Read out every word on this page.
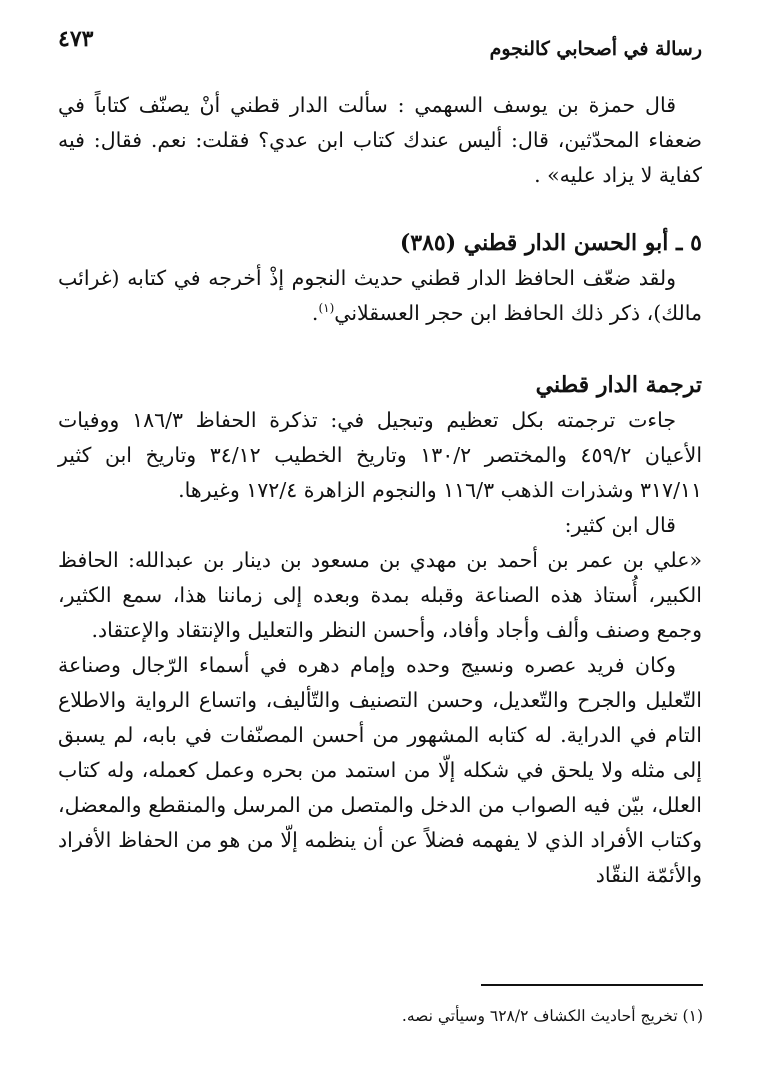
رسالة في أصحابي كالنجوم
٤٧٣

قال حمزة بن يوسف السهمي : سألت الدار قطني أنْ يصنّف كتاباً في ضعفاء المحدّثين، قال: أليس عندك كتاب ابن عدي؟ فقلت: نعم. فقال: فيه كفاية لا يزاد عليه» .

٥ ـ أبو الحسن الدار قطني (٣٨٥)

ولقد ضعّف الحافظ الدار قطني حديث النجوم إذْ أخرجه في كتابه (غرائب مالك)، ذكر ذلك الحافظ ابن حجر العسقلاني$^{(١)}$.

ترجمة الدار قطني

جاءت ترجمته بكل تعظيم وتبجيل في: تذكرة الحفاظ ١٨٦/٣ ووفيات الأعيان ٤٥٩/٢ والمختصر ١٣٠/٢ وتاريخ الخطيب ٣٤/١٢ وتاريخ ابن كثير ٣١٧/١١ وشذرات الذهب ١١٦/٣ والنجوم الزاهرة ١٧٢/٤ وغيرها.

قال ابن كثير:

«علي بن عمر بن أحمد بن مهدي بن مسعود بن دينار بن عبدالله: الحافظ الكبير، أُستاذ هذه الصناعة وقبله بمدة وبعده إلى زماننا هذا، سمع الكثير، وجمع وصنف وألف وأجاد وأفاد، وأحسن النظر والتعليل والإنتقاد والإعتقاد.

وكان فريد عصره ونسيج وحده وإمام دهره في أسماء الرّجال وصناعة التّعليل والجرح والتّعديل، وحسن التصنيف والتّأليف، واتساع الرواية والاطلاع التام في الدراية. له كتابه المشهور من أحسن المصنّفات في بابه، لم يسبق إلى مثله ولا يلحق في شكله إلّا من استمد من بحره وعمل كعمله، وله كتاب العلل، بيّن فيه الصواب من الدخل والمتصل من المرسل والمنقطع والمعضل، وكتاب الأفراد الذي لا يفهمه فضلاً عن أن ينظمه إلّا من هو من الحفاظ الأفراد والأئمّة النقّاد

(١) تخريج أحاديث الكشاف ٦٢٨/٢ وسيأتي نصه.
